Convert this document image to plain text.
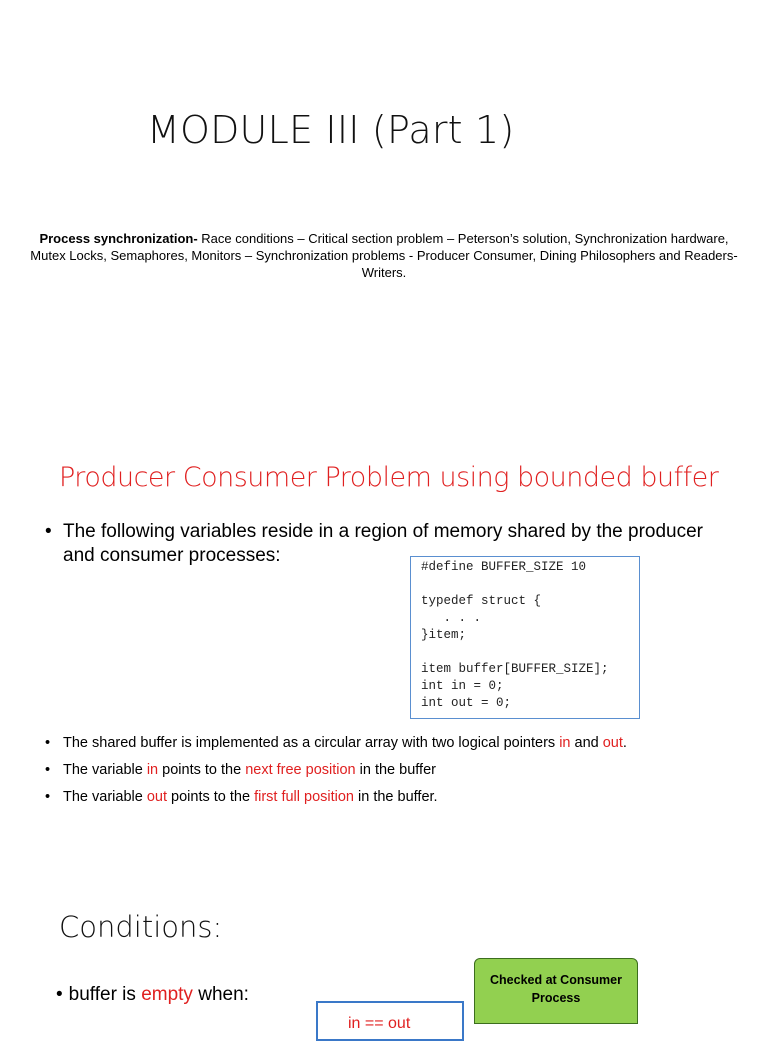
MODULE III (Part 1)
Process synchronization- Race conditions – Critical section problem – Peterson’s solution, Synchronization hardware, Mutex Locks, Semaphores, Monitors – Synchronization problems - Producer Consumer, Dining Philosophers and Readers-Writers.
Producer Consumer Problem using bounded buffer
• The following variables reside in a region of memory shared by the producer and consumer processes:
#define BUFFER_SIZE 10
typedef struct {
. . .
}item;
item buffer[BUFFER_SIZE];
int in = 0;
int out = 0;
• The shared buffer is implemented as a circular array with two logical pointers in and out.
• The variable in points to the next free position in the buffer
• The variable out points to the first full position in the buffer.
Conditions:
• buffer is empty when:
in == out
Checked at Consumer Process
